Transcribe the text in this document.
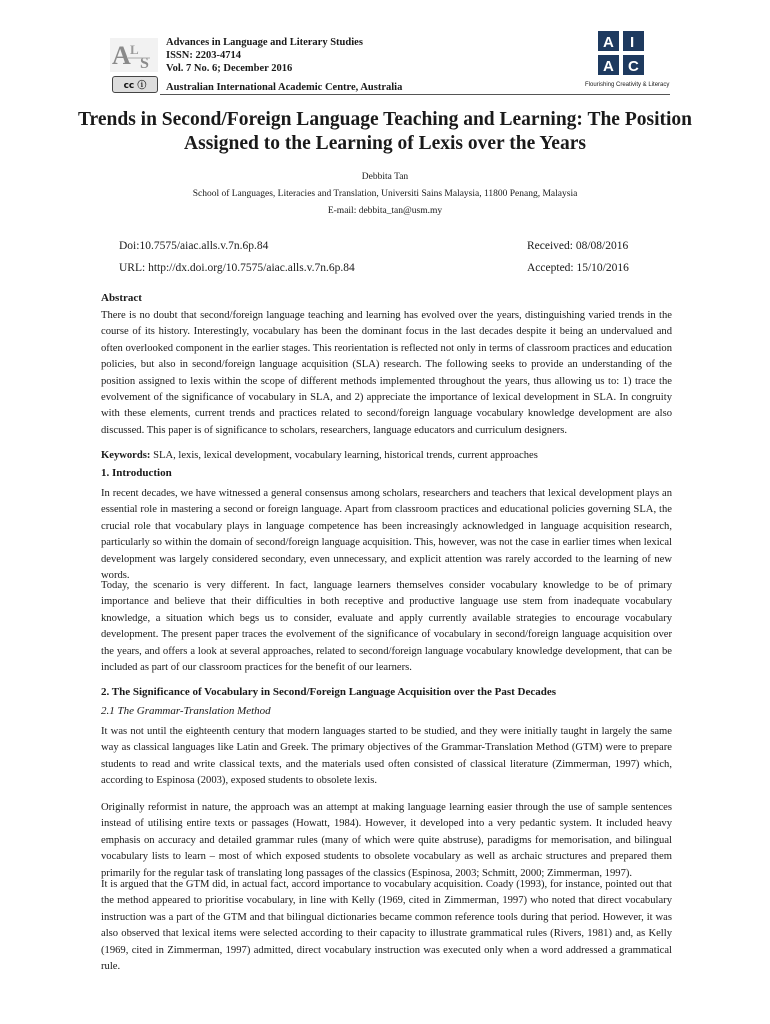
A L
S
cc ⓘ
Advances in Language and Literary Studies
ISSN: 2203-4714
Vol. 7 No. 6; December 2016
Australian International Academic Centre, Australia
A I
A C
Flourishing Creativity & Literacy
Trends in Second/Foreign Language Teaching and Learning: The Position Assigned to the Learning of Lexis over the Years
Debbita Tan
School of Languages, Literacies and Translation, Universiti Sains Malaysia, 11800 Penang, Malaysia
E-mail: debbita_tan@usm.my
Doi:10.7575/aiac.alls.v.7n.6p.84
URL: http://dx.doi.org/10.7575/aiac.alls.v.7n.6p.84
Received: 08/08/2016
Accepted: 15/10/2016
Abstract
There is no doubt that second/foreign language teaching and learning has evolved over the years, distinguishing varied trends in the course of its history. Interestingly, vocabulary has been the dominant focus in the last decades despite it being an undervalued and often overlooked component in the earlier stages. This reorientation is reflected not only in terms of classroom practices and education policies, but also in second/foreign language acquisition (SLA) research. The following seeks to provide an understanding of the position assigned to lexis within the scope of different methods implemented throughout the years, thus allowing us to: 1) trace the evolvement of the significance of vocabulary in SLA, and 2) appreciate the importance of lexical development in SLA. In congruity with these elements, current trends and practices related to second/foreign language vocabulary knowledge development are also discussed. This paper is of significance to scholars, researchers, language educators and curriculum designers.
Keywords: SLA, lexis, lexical development, vocabulary learning, historical trends, current approaches
1. Introduction
In recent decades, we have witnessed a general consensus among scholars, researchers and teachers that lexical development plays an essential role in mastering a second or foreign language. Apart from classroom practices and educational policies governing SLA, the crucial role that vocabulary plays in language competence has been increasingly acknowledged in language acquisition research, particularly so within the domain of second/foreign language acquisition. This, however, was not the case in earlier times when lexical development was largely considered secondary, even unnecessary, and explicit attention was rarely accorded to the learning of new words.
Today, the scenario is very different. In fact, language learners themselves consider vocabulary knowledge to be of primary importance and believe that their difficulties in both receptive and productive language use stem from inadequate vocabulary knowledge, a situation which begs us to consider, evaluate and apply currently available strategies to encourage vocabulary development. The present paper traces the evolvement of the significance of vocabulary in second/foreign language acquisition over the years, and offers a look at several approaches, related to second/foreign language vocabulary knowledge development, that can be included as part of our classroom practices for the benefit of our learners.
2. The Significance of Vocabulary in Second/Foreign Language Acquisition over the Past Decades
2.1 The Grammar-Translation Method
It was not until the eighteenth century that modern languages started to be studied, and they were initially taught in largely the same way as classical languages like Latin and Greek. The primary objectives of the Grammar-Translation Method (GTM) were to prepare students to read and write classical texts, and the materials used often consisted of classical literature (Zimmerman, 1997) which, according to Espinosa (2003), exposed students to obsolete lexis.
Originally reformist in nature, the approach was an attempt at making language learning easier through the use of sample sentences instead of utilising entire texts or passages (Howatt, 1984). However, it developed into a very pedantic system. It included heavy emphasis on accuracy and detailed grammar rules (many of which were quite abstruse), paradigms for memorisation, and bilingual vocabulary lists to learn – most of which exposed students to obsolete vocabulary as well as archaic structures and prepared them primarily for the regular task of translating long passages of the classics (Espinosa, 2003; Schmitt, 2000; Zimmerman, 1997).
It is argued that the GTM did, in actual fact, accord importance to vocabulary acquisition. Coady (1993), for instance, pointed out that the method appeared to prioritise vocabulary, in line with Kelly (1969, cited in Zimmerman, 1997) who noted that direct vocabulary instruction was a part of the GTM and that bilingual dictionaries became common reference tools during that period. However, it was also observed that lexical items were selected according to their capacity to illustrate grammatical rules (Rivers, 1981) and, as Kelly (1969, cited in Zimmerman, 1997) admitted, direct vocabulary instruction was executed only when a word addressed a grammatical rule.
